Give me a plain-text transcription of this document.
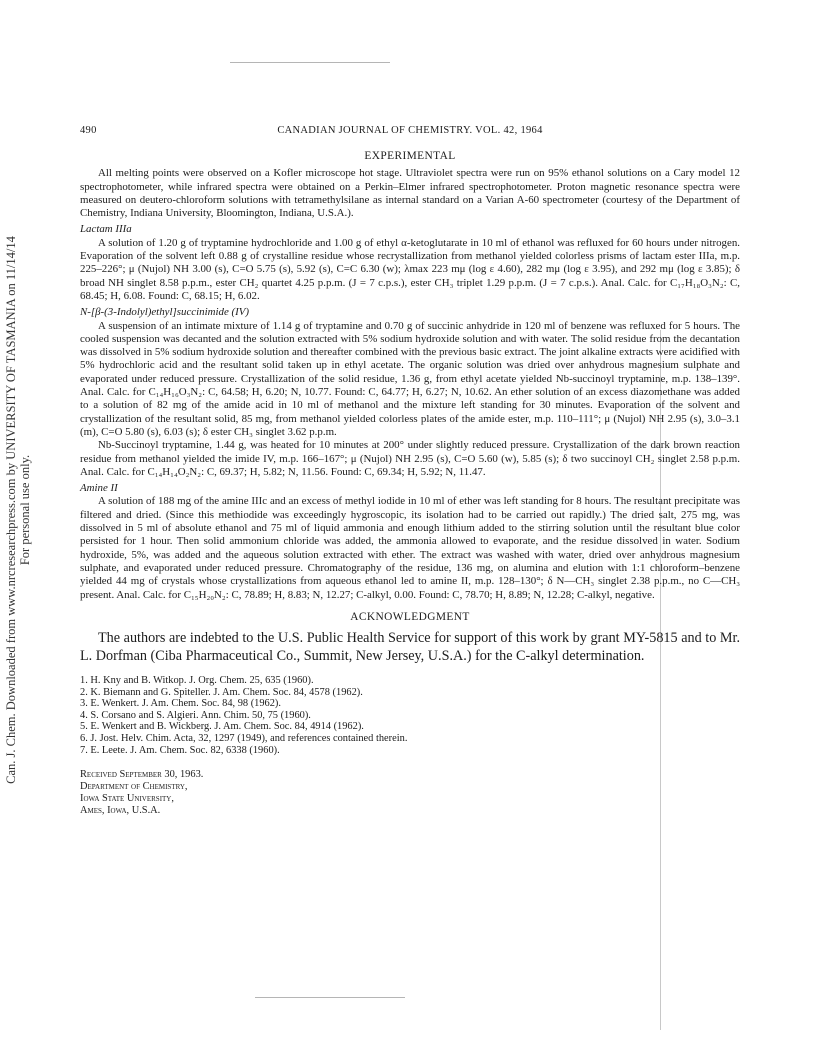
Can. J. Chem. Downloaded from www.nrcresearchpress.com by UNIVERSITY OF TASMANIA on 11/14/14 For personal use only.
490	CANADIAN JOURNAL OF CHEMISTRY. VOL. 42, 1964
EXPERIMENTAL

All melting points were observed on a Kofler microscope hot stage. Ultraviolet spectra were run on 95% ethanol solutions on a Cary model 12 spectrophotometer, while infrared spectra were obtained on a Perkin–Elmer infrared spectrophotometer. Proton magnetic resonance spectra were measured on deutero-chloroform solutions with tetramethylsilane as internal standard on a Varian A-60 spectrometer (courtesy of the Department of Chemistry, Indiana University, Bloomington, Indiana, U.S.A.).

Lactam IIIa

A solution of 1.20 g of tryptamine hydrochloride and 1.00 g of ethyl α-ketoglutarate in 10 ml of ethanol was refluxed for 60 hours under nitrogen. Evaporation of the solvent left 0.88 g of crystalline residue whose recrystallization from methanol yielded colorless prisms of lactam ester IIIa, m.p. 225–226°; μ (Nujol) NH 3.00 (s), C=O 5.75 (s), 5.92 (s), C=C 6.30 (w); λmax 223 mμ (log ε 4.60), 282 mμ (log ε 3.95), and 292 mμ (log ε 3.85); δ broad NH singlet 8.58 p.p.m., ester CH₂ quartet 4.25 p.p.m. (J = 7 c.p.s.), ester CH₃ triplet 1.29 p.p.m. (J = 7 c.p.s.). Anal. Calc. for C₁₇H₁₈O₃N₂: C, 68.45; H, 6.08. Found: C, 68.15; H, 6.02.

N-[β-(3-Indolyl)ethyl]succinimide (IV)

A suspension of an intimate mixture of 1.14 g of tryptamine and 0.70 g of succinic anhydride in 120 ml of benzene was refluxed for 5 hours. The cooled suspension was decanted and the solution extracted with 5% sodium hydroxide solution and with water. The solid residue from the decantation was dissolved in 5% sodium hydroxide solution and thereafter combined with the previous basic extract. The joint alkaline extracts were acidified with 5% hydrochloric acid and the resultant solid taken up in ethyl acetate. The organic solution was dried over anhydrous magnesium sulphate and evaporated under reduced pressure. Crystallization of the solid residue, 1.36 g, from ethyl acetate yielded Nb-succinoyl tryptamine, m.p. 138–139°. Anal. Calc. for C₁₄H₁₆O₃N₂: C, 64.58; H, 6.20; N, 10.77. Found: C, 64.77; H, 6.27; N, 10.62. An ether solution of an excess diazomethane was added to a solution of 82 mg of the amide acid in 10 ml of methanol and the mixture left standing for 30 minutes. Evaporation of the solvent and crystallization of the resultant solid, 85 mg, from methanol yielded colorless plates of the amide ester, m.p. 110–111°; μ (Nujol) NH 2.95 (s), 3.0–3.1 (m), C=O 5.80 (s), 6.03 (s); δ ester CH₃ singlet 3.62 p.p.m.

Nb-Succinoyl tryptamine, 1.44 g, was heated for 10 minutes at 200° under slightly reduced pressure. Crystallization of the dark brown reaction residue from methanol yielded the imide IV, m.p. 166–167°; μ (Nujol) NH 2.95 (s), C=O 5.60 (w), 5.85 (s); δ two succinoyl CH₂ singlet 2.58 p.p.m. Anal. Calc. for C₁₄H₁₄O₂N₂: C, 69.37; H, 5.82; N, 11.56. Found: C, 69.34; H, 5.92; N, 11.47.

Amine II

A solution of 188 mg of the amine IIIc and an excess of methyl iodide in 10 ml of ether was left standing for 8 hours. The resultant precipitate was filtered and dried. (Since this methiodide was exceedingly hygroscopic, its isolation had to be carried out rapidly.) The dried salt, 275 mg, was dissolved in 5 ml of absolute ethanol and 75 ml of liquid ammonia and enough lithium added to the stirring solution until the resultant blue color persisted for 1 hour. Then solid ammonium chloride was added, the ammonia allowed to evaporate, and the residue dissolved in water. Sodium hydroxide, 5%, was added and the aqueous solution extracted with ether. The extract was washed with water, dried over anhydrous magnesium sulphate, and evaporated under reduced pressure. Chromatography of the residue, 136 mg, on alumina and elution with 1:1 chloroform–benzene yielded 44 mg of crystals whose crystallizations from aqueous ethanol led to amine II, m.p. 128–130°; δ N—CH₃ singlet 2.38 p.p.m., no C—CH₃ present. Anal. Calc. for C₁₅H₂₀N₂: C, 78.89; H, 8.83; N, 12.27; C-alkyl, 0.00. Found: C, 78.70; H, 8.89; N, 12.28; C-alkyl, negative.

ACKNOWLEDGMENT

The authors are indebted to the U.S. Public Health Service for support of this work by grant MY-5815 and to Mr. L. Dorfman (Ciba Pharmaceutical Co., Summit, New Jersey, U.S.A.) for the C-alkyl determination.

1. H. Kny and B. Witkop. J. Org. Chem. 25, 635 (1960).
2. K. Biemann and G. Spiteller. J. Am. Chem. Soc. 84, 4578 (1962).
3. E. Wenkert. J. Am. Chem. Soc. 84, 98 (1962).
4. S. Corsano and S. Algieri. Ann. Chim. 50, 75 (1960).
5. E. Wenkert and B. Wickberg. J. Am. Chem. Soc. 84, 4914 (1962).
6. J. Jost. Helv. Chim. Acta, 32, 1297 (1949), and references contained therein.
7. E. Leete. J. Am. Chem. Soc. 82, 6338 (1960).
Received September 30, 1963.
Department of Chemistry,
Iowa State University,
Ames, Iowa, U.S.A.
